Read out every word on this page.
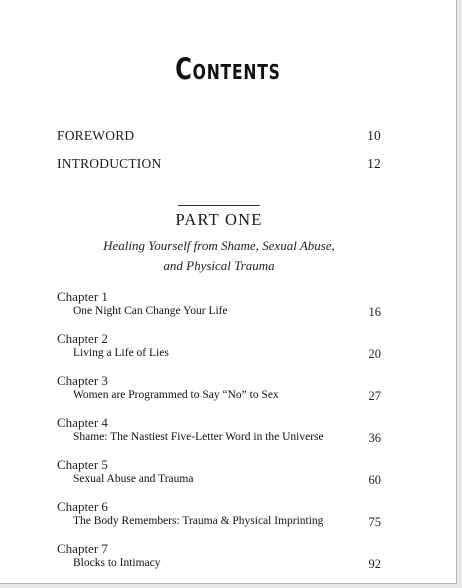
Contents
FOREWORD	10
INTRODUCTION	12
PART ONE
Healing Yourself from Shame, Sexual Abuse,
and Physical Trauma
Chapter 1
One Night Can Change Your Life	16
Chapter 2
Living a Life of Lies	20
Chapter 3
Women are Programmed to Say “No” to Sex	27
Chapter 4
Shame: The Nastiest Five-Letter Word in the Universe	36
Chapter 5
Sexual Abuse and Trauma	60
Chapter 6
The Body Remembers: Trauma & Physical Imprinting	75
Chapter 7
Blocks to Intimacy	92
